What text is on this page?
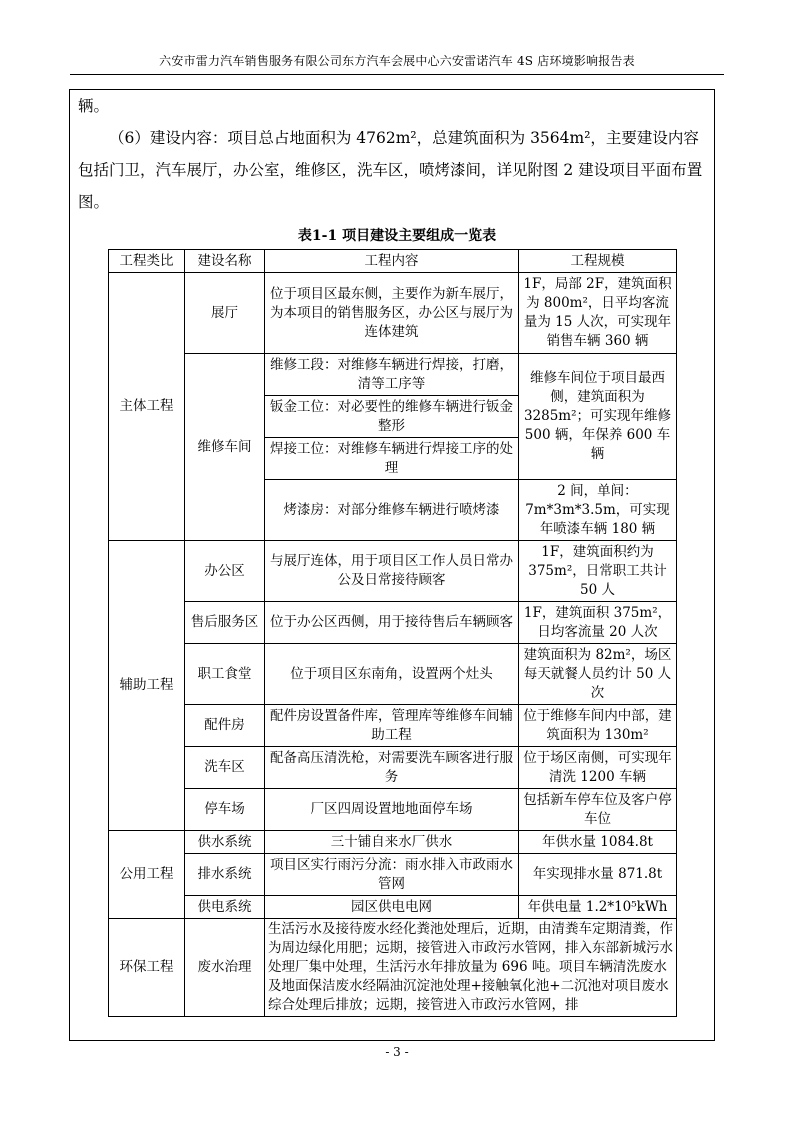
六安市雷力汽车销售服务有限公司东方汽车会展中心六安雷诺汽车 4S 店环境影响报告表
辆。
（6）建设内容：项目总占地面积为 4762m²，总建筑面积为 3564m²，主要建设内容包括门卫，汽车展厅，办公室，维修区，洗车区，喷烤漆间，详见附图 2 建设项目平面布置图。
表1-1 项目建设主要组成一览表
工程类比	建设名称	工程内容	工程规模
主体工程	展厅	位于项目区最东侧，主要作为新车展厅，为本项目的销售服务区，办公区与展厅为连体建筑	1F，局部 2F，建筑面积为 800m²，日平均客流量为 15 人次，可实现年销售车辆 360 辆
	维修车间	维修工段：对维修车辆进行焊接，打磨，清等工序等	维修车间位于项目最西侧，建筑面积为 3285m²；可实现年维修 500 辆，年保养 600 车辆
		钣金工位：对必要性的维修车辆进行钣金整形	
		焊接工位：对维修车辆进行焊接工序的处理	
		烤漆房：对部分维修车辆进行喷烤漆	2 间，单间：7m*3m*3.5m，可实现年喷漆车辆 180 辆
辅助工程	办公区	与展厅连体，用于项目区工作人员日常办公及日常接待顾客	1F，建筑面积约为 375m²，日常职工共计 50 人
	售后服务区	位于办公区西侧，用于接待售后车辆顾客	1F，建筑面积 375m²，日均客流量 20 人次
	职工食堂	位于项目区东南角，设置两个灶头	建筑面积为 82m²，场区每天就餐人员约计 50 人次
	配件房	配件房设置备件库，管理库等维修车间辅助工程	位于维修车间内中部，建筑面积为 130m²
	洗车区	配备高压清洗枪，对需要洗车顾客进行服务	位于场区南侧，可实现年清洗 1200 车辆
	停车场	厂区四周设置地地面停车场	包括新车停车位及客户停车位
公用工程	供水系统	三十铺自来水厂供水	年供水量 1084.8t
	排水系统	项目区实行雨污分流：雨水排入市政雨水管网	年实现排水量 871.8t
	供电系统	园区供电电网	年供电量 1.2*10⁵kWh
环保工程	废水治理	生活污水及接待废水经化粪池处理后，近期，由清粪车定期清粪，作为周边绿化用肥；远期，接管进入市政污水管网，排入东部新城污水处理厂集中处理，生活污水年排放量为 696 吨。项目车辆清洗废水及地面保洁废水经隔油沉淀池处理+接触氧化池+二沉池对项目废水综合处理后排放；远期，接管进入市政污水管网，排	
- 3 -
